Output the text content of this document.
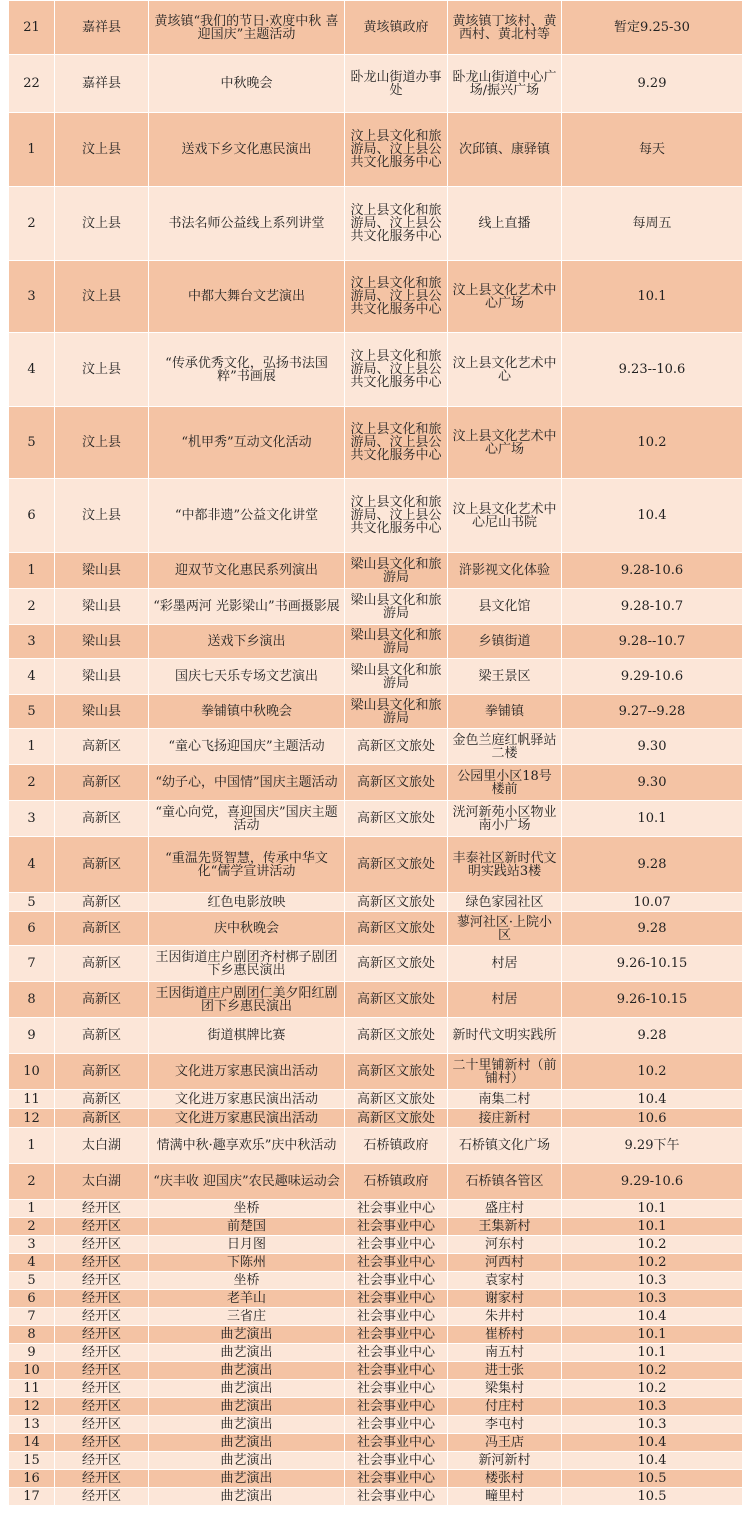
21	嘉祥县	黄垓镇“我们的节日·欢度中秋 喜迎国庆”主题活动	黄垓镇政府	黄垓镇丁垓村、黄西村、黄北村等	暂定9.25-30
22	嘉祥县	中秋晚会	卧龙山街道办事处	卧龙山街道中心广场/振兴广场	9.29
1	汶上县	送戏下乡文化惠民演出	汶上县文化和旅游局、汶上县公共文化服务中心	次邱镇、康驿镇	每天
2	汶上县	书法名师公益线上系列讲堂	汶上县文化和旅游局、汶上县公共文化服务中心	线上直播	每周五
3	汶上县	中都大舞台文艺演出	汶上县文化和旅游局、汶上县公共文化服务中心	汶上县文化艺术中心广场	10.1
4	汶上县	“传承优秀文化，弘扬书法国粹”书画展	汶上县文化和旅游局、汶上县公共文化服务中心	汶上县文化艺术中心	9.23--10.6
5	汶上县	“机甲秀”互动文化活动	汶上县文化和旅游局、汶上县公共文化服务中心	汶上县文化艺术中心广场	10.2
6	汶上县	“中都非遗”公益文化讲堂	汶上县文化和旅游局、汶上县公共文化服务中心	汶上县文化艺术中心尼山书院	10.4
1	梁山县	迎双节文化惠民系列演出	梁山县文化和旅游局	浒影视文化体验	9.28-10.6
2	梁山县	“彩墨两河 光影梁山”书画摄影展	梁山县文化和旅游局	县文化馆	9.28-10.7
3	梁山县	送戏下乡演出	梁山县文化和旅游局	乡镇街道	9.28--10.7
4	梁山县	国庆七天乐专场文艺演出	梁山县文化和旅游局	梁王景区	9.29-10.6
5	梁山县	拳铺镇中秋晚会	梁山县文化和旅游局	拳铺镇	9.27--9.28
1	高新区	“童心飞扬迎国庆”主题活动	高新区文旅处	金色兰庭红帆驿站二楼	9.30
2	高新区	“幼子心，中国情”国庆主题活动	高新区文旅处	公园里小区18号楼前	9.30
3	高新区	“童心向党，喜迎国庆”国庆主题活动	高新区文旅处	洸河新苑小区物业南小广场	10.1
4	高新区	“重温先贤智慧，传承中华文化“儒学宣讲活动	高新区文旅处	丰泰社区新时代文明实践站3楼	9.28
5	高新区	红色电影放映	高新区文旅处	绿色家园社区	10.07
6	高新区	庆中秋晚会	高新区文旅处	蓼河社区·上院小区	9.28
7	高新区	王因街道庄户剧团齐村梆子剧团下乡惠民演出	高新区文旅处	村居	9.26-10.15
8	高新区	王因街道庄户剧团仁美夕阳红剧团下乡惠民演出	高新区文旅处	村居	9.26-10.15
9	高新区	街道棋牌比赛	高新区文旅处	新时代文明实践所	9.28
10	高新区	文化进万家惠民演出活动	高新区文旅处	二十里铺新村（前铺村）	10.2
11	高新区	文化进万家惠民演出活动	高新区文旅处	南集二村	10.4
12	高新区	文化进万家惠民演出活动	高新区文旅处	接庄新村	10.6
1	太白湖	情满中秋·趣享欢乐”庆中秋活动	石桥镇政府	石桥镇文化广场	9.29下午
2	太白湖	“庆丰收 迎国庆”农民趣味运动会	石桥镇政府	石桥镇各管区	9.29-10.6
1	经开区	坐桥	社会事业中心	盛庄村	10.1
2	经开区	前楚国	社会事业中心	王集新村	10.1
3	经开区	日月图	社会事业中心	河东村	10.2
4	经开区	下陈州	社会事业中心	河西村	10.2
5	经开区	坐桥	社会事业中心	袁家村	10.3
6	经开区	老羊山	社会事业中心	谢家村	10.3
7	经开区	三省庄	社会事业中心	朱井村	10.4
8	经开区	曲艺演出	社会事业中心	崔桥村	10.1
9	经开区	曲艺演出	社会事业中心	南五村	10.1
10	经开区	曲艺演出	社会事业中心	进士张	10.2
11	经开区	曲艺演出	社会事业中心	梁集村	10.2
12	经开区	曲艺演出	社会事业中心	付庄村	10.3
13	经开区	曲艺演出	社会事业中心	李屯村	10.3
14	经开区	曲艺演出	社会事业中心	冯王店	10.4
15	经开区	曲艺演出	社会事业中心	新河新村	10.4
16	经开区	曲艺演出	社会事业中心	楼张村	10.5
17	经开区	曲艺演出	社会事业中心	疃里村	10.5
